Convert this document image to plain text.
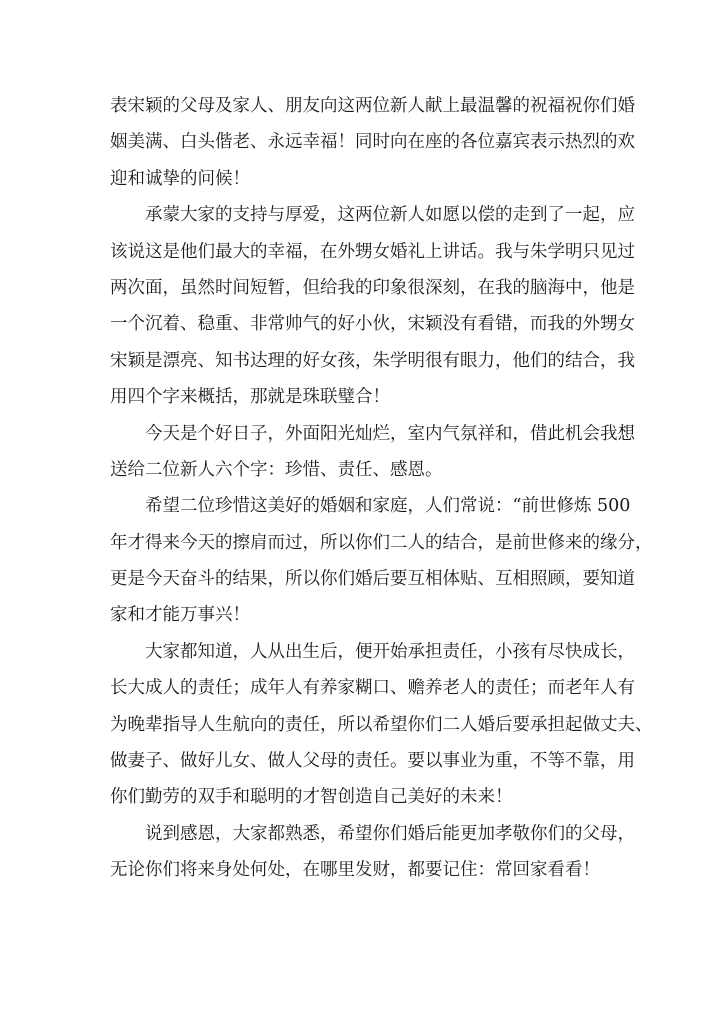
表宋颖的父母及家人、朋友向这两位新人献上最温馨的祝福祝你们婚
姻美满、白头偕老、永远幸福！同时向在座的各位嘉宾表示热烈的欢
迎和诚挚的问候！
承蒙大家的支持与厚爱，这两位新人如愿以偿的走到了一起，应
该说这是他们最大的幸福，在外甥女婚礼上讲话。我与朱学明只见过
两次面，虽然时间短暂，但给我的印象很深刻，在我的脑海中，他是
一个沉着、稳重、非常帅气的好小伙，宋颖没有看错，而我的外甥女
宋颖是漂亮、知书达理的好女孩，朱学明很有眼力，他们的结合，我
用四个字来概括，那就是珠联璧合！
今天是个好日子，外面阳光灿烂，室内气氛祥和，借此机会我想
送给二位新人六个字：珍惜、责任、感恩。
希望二位珍惜这美好的婚姻和家庭，人们常说：“前世修炼 500
年才得来今天的擦肩而过，所以你们二人的结合，是前世修来的缘分，
更是今天奋斗的结果，所以你们婚后要互相体贴、互相照顾，要知道
家和才能万事兴！
大家都知道，人从出生后，便开始承担责任，小孩有尽快成长，
长大成人的责任；成年人有养家糊口、赡养老人的责任；而老年人有
为晚辈指导人生航向的责任，所以希望你们二人婚后要承担起做丈夫、
做妻子、做好儿女、做人父母的责任。要以事业为重，不等不靠，用
你们勤劳的双手和聪明的才智创造自己美好的未来！
说到感恩，大家都熟悉，希望你们婚后能更加孝敬你们的父母，
无论你们将来身处何处，在哪里发财，都要记住：常回家看看！
